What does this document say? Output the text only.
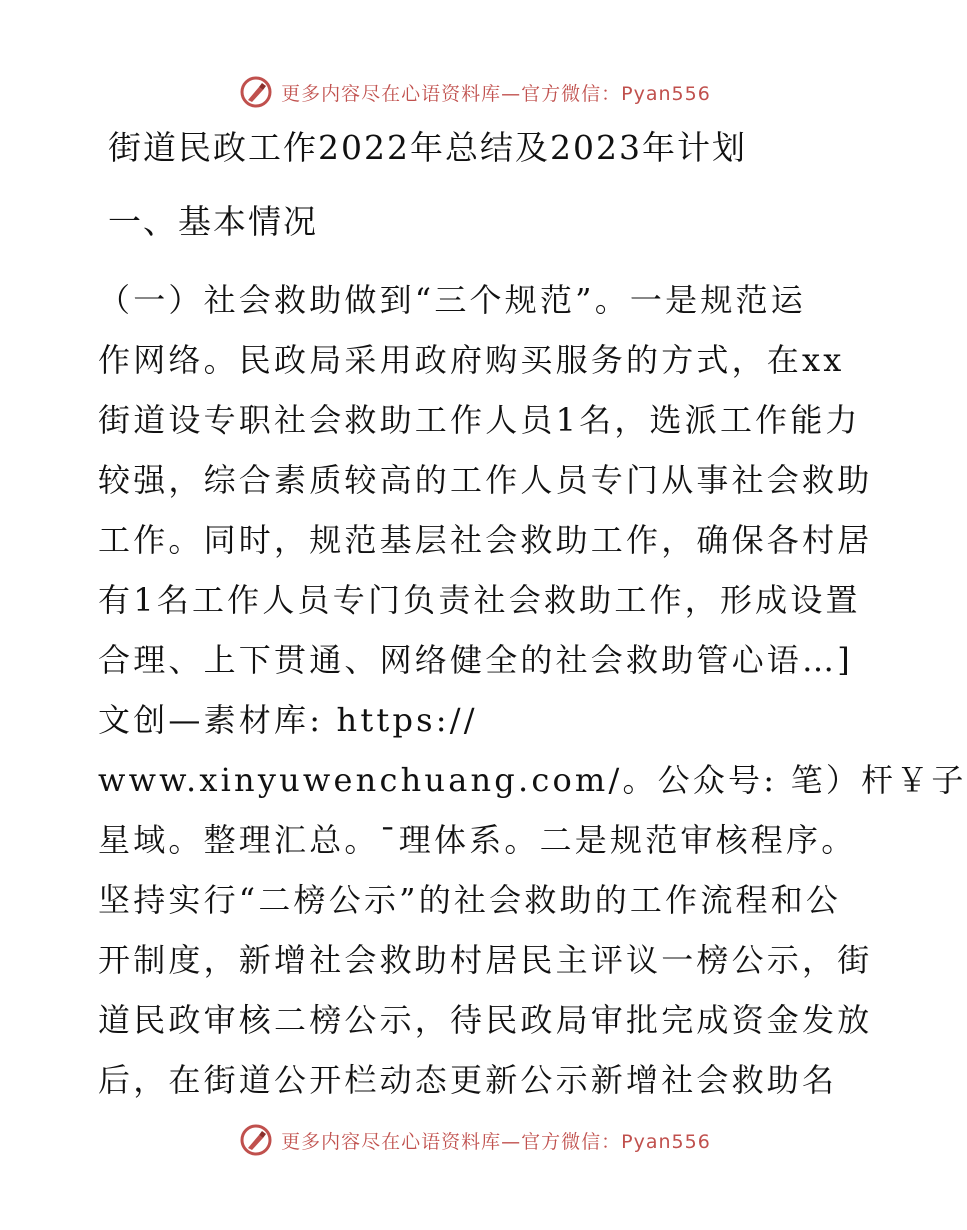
更多内容尽在心语资料库—官方微信：Pyan556
街道民政工作2022年总结及2023年计划
一、基本情况
（一）社会救助做到“三个规范”。一是规范运
作网络。民政局采用政府购买服务的方式，在xx
街道设专职社会救助工作人员1名，选派工作能力
较强，综合素质较高的工作人员专门从事社会救助
工作。同时，规范基层社会救助工作，确保各村居
有1名工作人员专门负责社会救助工作，形成设置
合理、上下贯通、网络健全的社会救助管心语…]
文创—素材库: https://
www.xinyuwenchuang.com/。公众号: 笔）杆￥子
星域。整理汇总。¯理体系。二是规范审核程序。
坚持实行“二榜公示”的社会救助的工作流程和公
开制度，新增社会救助村居民主评议一榜公示，街
道民政审核二榜公示，待民政局审批完成资金发放
后，在街道公开栏动态更新公示新增社会救助名
更多内容尽在心语资料库—官方微信：Pyan556
